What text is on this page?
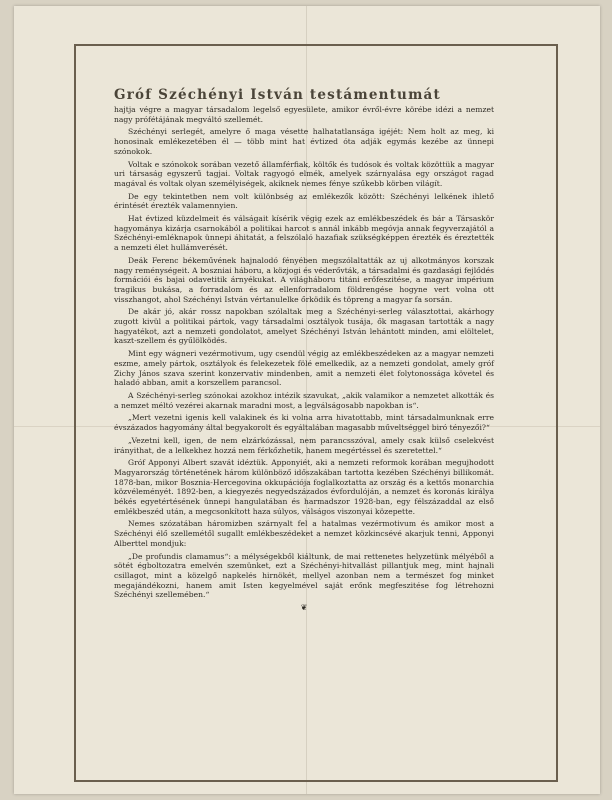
Gróf Széchényi István testámentumát

hajtja végre a magyar társadalom legelső egyesülete, amikor évről-évre körébe idézi a nemzet nagy prófétájának megváltó szellemét.

Széchényi serlegét, amelyre ő maga vésette halhatatlansága igéjét: Nem holt az meg, ki honosinak emlékezetében él — több mint hat évtized óta adják egymás kezébe az ünnepi szónokok.

Voltak e szónokok sorában vezető államférfiak, költők és tudósok és voltak közöttük a magyar uri társaság egyszerű tagjai. Voltak ragyogó elmék, amelyek szárnyalása egy országot ragad magával és voltak olyan személyiségek, akiknek nemes fénye szűkebb körben világít.

De egy tekintetben nem volt különbség az emlékezők között: Széchényi lelkének ihlető érintését érezték valamennyien.

Hat évtized küzdelmeit és válságait kísérik végig ezek az emlékbeszédek és bár a Társaskör hagyománya kizárja csarnokából a politikai harcot s annál inkább megóvja annak fegyverzajától a Széchényi-emléknapok ünnepi áhitatát, a felszólaló hazafiak szükségképpen érezték és éreztették a nemzeti élet hullámverését.

Deák Ferenc békeművének hajnalodó fényében megszólaltatták az uj alkotmányos korszak nagy reménységeit. A boszniai háboru, a közjogi és véderővták, a társadalmi és gazdasági fejlődés formációi és bajai odavetitik árnyékukat. A világháboru titáni erőfeszitése, a magyar impérium tragikus bukása, a forradalom és az ellenforradalom földrengése hogyne vert volna ott visszhangot, ahol Széchényi István vértanulelke őrködik és töpreng a magyar fa sorsán.

De akár jó, akár rossz napokban szólaltak meg a Széchényi-serleg választottai, akárhogy zugott kivül a politikai pártok, vagy társadalmi osztályok tusája, ők magasan tartották a nagy hagyatékot, azt a nemzeti gondolatot, amelyet Széchényi István lehántott minden, ami elöltelet, kaszt-szellem és gyűlölködés.

Mint egy wágneri vezérmotivum, ugy csendül végig az emlékbeszédeken az a magyar nemzeti eszme, amely pártok, osztályok és felekezetek fölé emelkedik, az a nemzeti gondolat, amely gróf Zichy János szava szerint konzervativ mindenben, amit a nemzeti élet folytonossága követel és haladó abban, amit a korszellem parancsol.

A Széchényi-serleg szónokai azokhoz intézik szavukat, „akik valamikor a nemzetet alkották és a nemzet méltó vezérei akarnak maradni most, a legválságosabb napokban is“.

„Mert vezetni igenis kell valakinek és ki volna arra hivatottabb, mint társadalmunknak erre évszázados hagyomány által begyakorolt és egyáltalában magasabb műveltséggel biró tényezői?“

„Vezetni kell, igen, de nem elzárkózással, nem parancsszóval, amely csak külső cselekvést irányithat, de a lelkekhez hozzá nem férkőzhetik, hanem megértéssel és szeretettel.“

Gróf Apponyi Albert szavát idéztük. Apponyiét, aki a nemzeti reformok korában megujhodott Magyarország történetének három különböző időszakában tartotta kezében Széchényi billikomát. 1878-ban, mikor Bosznia-Hercegovina okkupációja foglalkoztatta az ország és a kettős monarchia közvéleményét. 1892-ben, a kiegyezés negyedszázados évfordulóján, a nemzet és koronás királya békés egyetértésének ünnepi hangulatában és harmadszor 1928-ban, egy félszázaddal az első emlékbeszéd után, a megcsonkított haza súlyos, válságos viszonyai közepette.

Nemes szózatában háromizben szárnyalt fel a hatalmas vezérmotivum és amikor most a Széchényi élő szellemétől sugallt emlékbeszédeket a nemzet közkincsévé akarjuk tenni, Apponyi Alberttel mondjuk:

„De profundis clamamus“: a mélységekből kiáltunk, de mai rettenetes helyzetünk mélyéből a sötét égboltozatra emelvén szemünket, ezt a Széchényi-hitvallást pillantjuk meg, mint hajnali csillagot, mint a közelgő napkelés hirnökét, mellyel azonban nem a természet fog minket megajándékozni, hanem amit Isten kegyelmével saját erőnk megfeszitése fog létrehozni Széchényi szellemében.“

❦
